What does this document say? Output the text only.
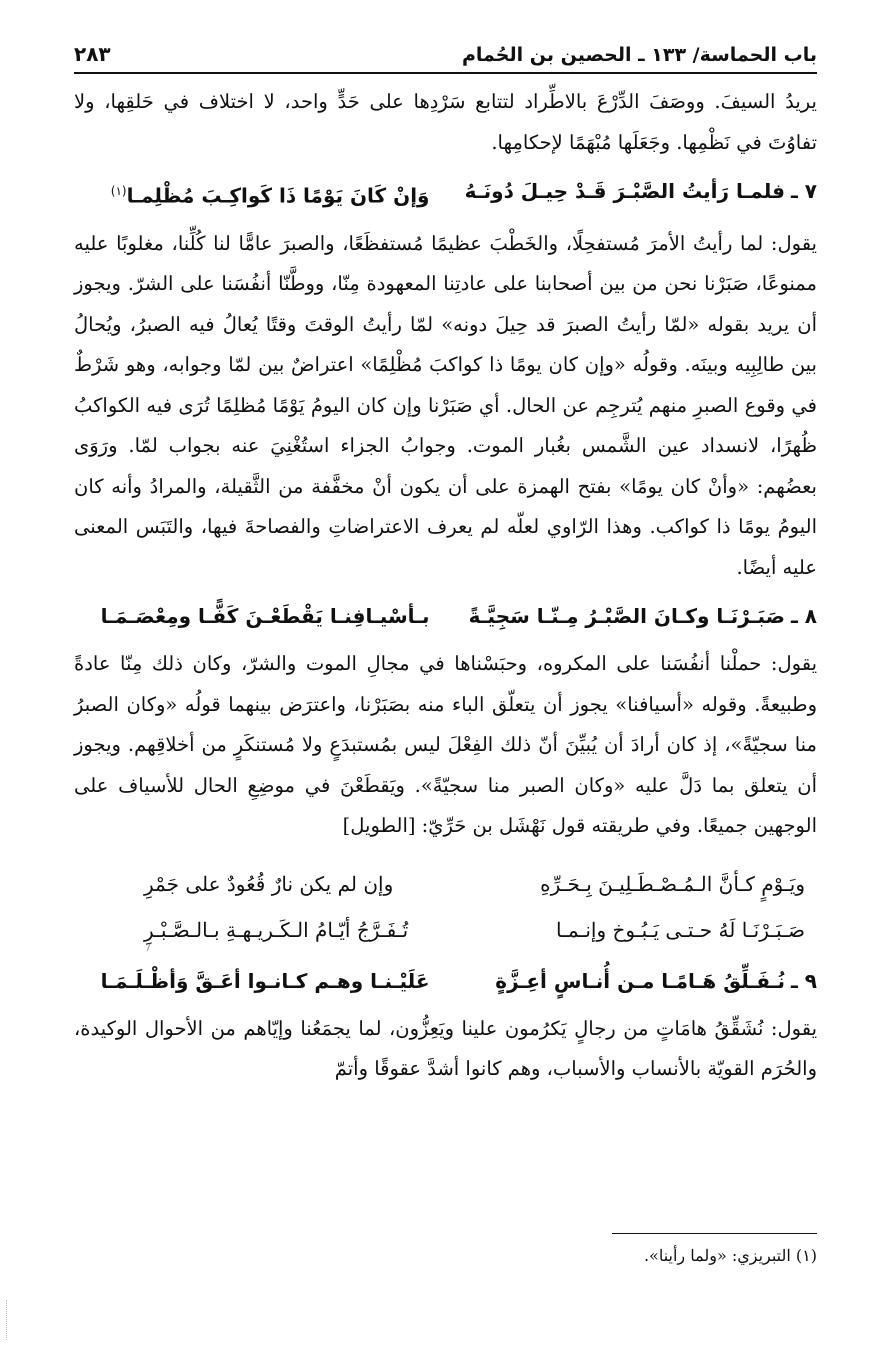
باب الحماسة/ ١٣٣ ـ الحصين بن الحُمام
٢٨٣

يريدُ السيفَ. ووصَفَ الدِّرْعَ بالاطِّراد لتتابع سَرْدِها على حَدٍّ واحد، لا اختلاف في حَلقِها، ولا تفاوُتَ في نَظْمِها. وجَعَلَها مُبْهَمًا لإحكامِها.

٧ ـ
فلمـا رَأيتُ الصَّبْـرَ قَـدْ حِيـلَ دُونَـهُ
وَإنْ كَانَ يَوْمًا ذَا كَواكِـبَ مُظْلِمـا$^{(١)}$

يقول: لما رأيتُ الأمرَ مُستفحِلًا، والخَطْبَ عظيمًا مُستفظَعًا، والصبرَ عامًّا لنا كُلِّنا، مغلوبًا عليه ممنوعًا، صَبَرْنا نحن من بين أصحابنا على عادتِنا المعهودة مِنّا، ووطَّنّا أنفُسَنا على الشرّ. ويجوز أن يريد بقوله «لمّا رأيتُ الصبرَ قد حِيلَ دونه» لمّا رأيتُ الوقتَ وقتًا يُعالُ فيه الصبرُ، ويُحالُ بين طالِبِيه وبينَه. وقولُه «وإن كان يومًا ذا كواكبَ مُظْلِمًا» اعتراضٌ بين لمّا وجوابه، وهو شَرْطٌ في وقوع الصبرِ منهم يُترجِم عن الحال. أي صَبَرْنا وإن كان اليومُ يَوْمًا مُظلِمًا تُرَى فيه الكواكبُ ظُهرًا، لانسداد عين الشَّمس بغُبار الموت. وجوابُ الجزاء استُغْنِيَ عنه بجواب لمّا. ورَوَى بعضُهم: «وأنْ كان يومًا» بفتح الهمزة على أن يكون أنْ مخفَّفة من الثَّقيلة، والمرادُ وأنه كان اليومُ يومًا ذا كواكب. وهذا الرّاوي لعلّه لم يعرف الاعتراضاتِ والفصاحةَ فيها، والتَبَس المعنى عليه أيضًا.

٨ ـ
صَبَـرْنَـا وكـانَ الصَّبْـرُ مِـنّـا سَجِيَّـةً
بـأسْيـافِنـا يَقْطَعْـنَ كَفًّـا ومِعْصَـمَـا

يقول: حملْنا أنفُسَنا على المكروه، وحبَسْناها في مجالِ الموت والشرّ، وكان ذلك مِنّا عادةً وطبيعةً. وقوله «أسيافنا» يجوز أن يتعلّق الباء منه بصَبَرْنا، واعترَض بينهما قولُه «وكان الصبرُ منا سجيّةً»، إذ كان أرادَ أن يُبيِّنَ أنّ ذلك الفِعْلَ ليس بمُستبدَعٍ ولا مُستنكَرٍ من أخلاقِهم. ويجوز أن يتعلق بما دَلَّ عليه «وكان الصبر منا سجيّةً». ويَقطَعْنَ في موضِعِ الحال للأسياف على الوجهين جميعًا. وفي طريقته قول نَهْشَل بن حَرِّيّ: [الطويل]

ويَـوْمٍ كـأنَّ الـمُـصْـطَـلِيـنَ بِـحَـرِّهِ
وإن لم يكن نارٌ قُعُودٌ على جَمْرِ
صَـبَـرْنَـا لَهُ حـتـى يَـبُـوخ وإنـمـا
تُـفَـرَّجُ أيّـامُ الـكَـريـهـةِ بـالـصَّـبْـرِ
٩ ـ
نُـفَـلِّقُ هَـامًـا مـن أُنـاسٍ أعِـزَّةٍ
عَلَيْـنـا وهـم كـانـوا أعَـقَّ وَأظْـلَـمَـا

يقول: نُشَقِّقُ هامَاتٍ من رجالٍ يَكرُمون علينا ويَعِزُّون، لما يجمَعُنا وإيّاهم من الأحوال الوكيدة، والحُرَم القويّة بالأنساب والأسباب، وهم كانوا أشدَّ عقوقًا وأتمّ

(١) التبريزي: «ولما رأينا».
